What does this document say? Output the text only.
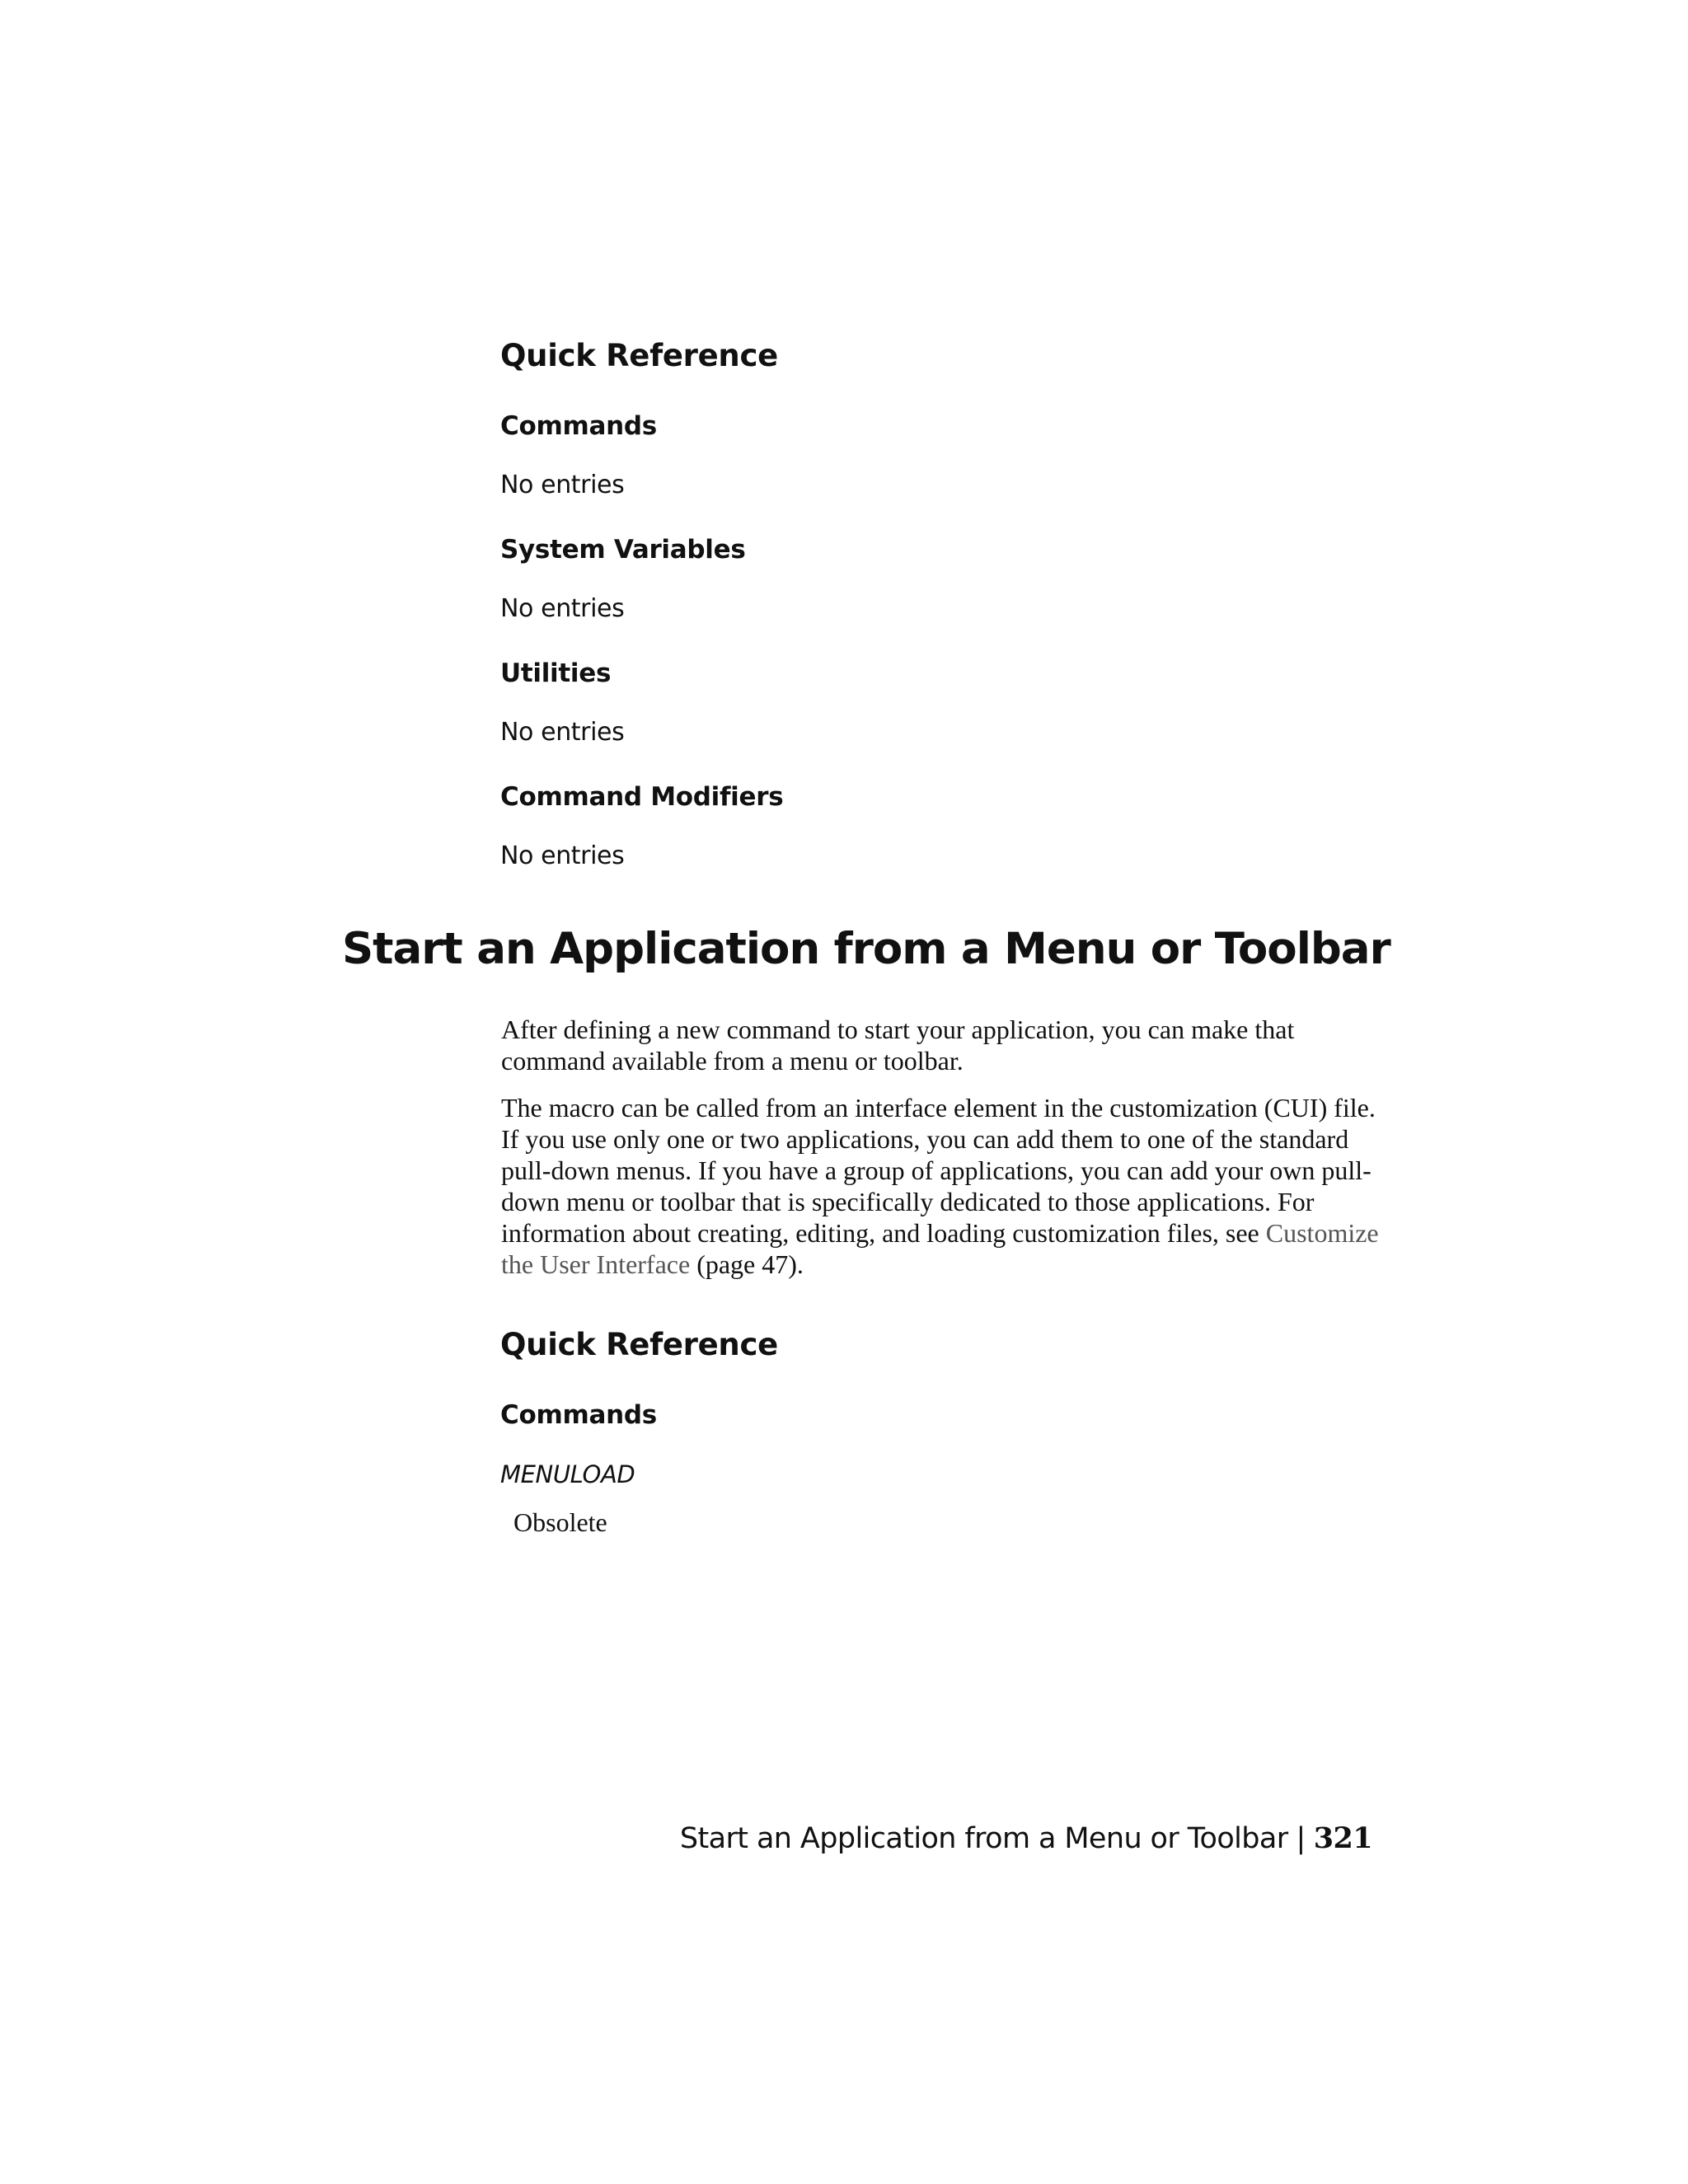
Quick Reference
Commands
No entries
System Variables
No entries
Utilities
No entries
Command Modifiers
No entries
Start an Application from a Menu or Toolbar

After defining a new command to start your application, you can make that command available from a menu or toolbar.

The macro can be called from an interface element in the customization (CUI) file. If you use only one or two applications, you can add them to one of the standard pull-down menus. If you have a group of applications, you can add your own pull-down menu or toolbar that is specifically dedicated to those applications. For information about creating, editing, and loading customization files, see Customize the User Interface (page 47).

Quick Reference
Commands
MENULOAD
Obsolete
Start an Application from a Menu or Toolbar | 321
